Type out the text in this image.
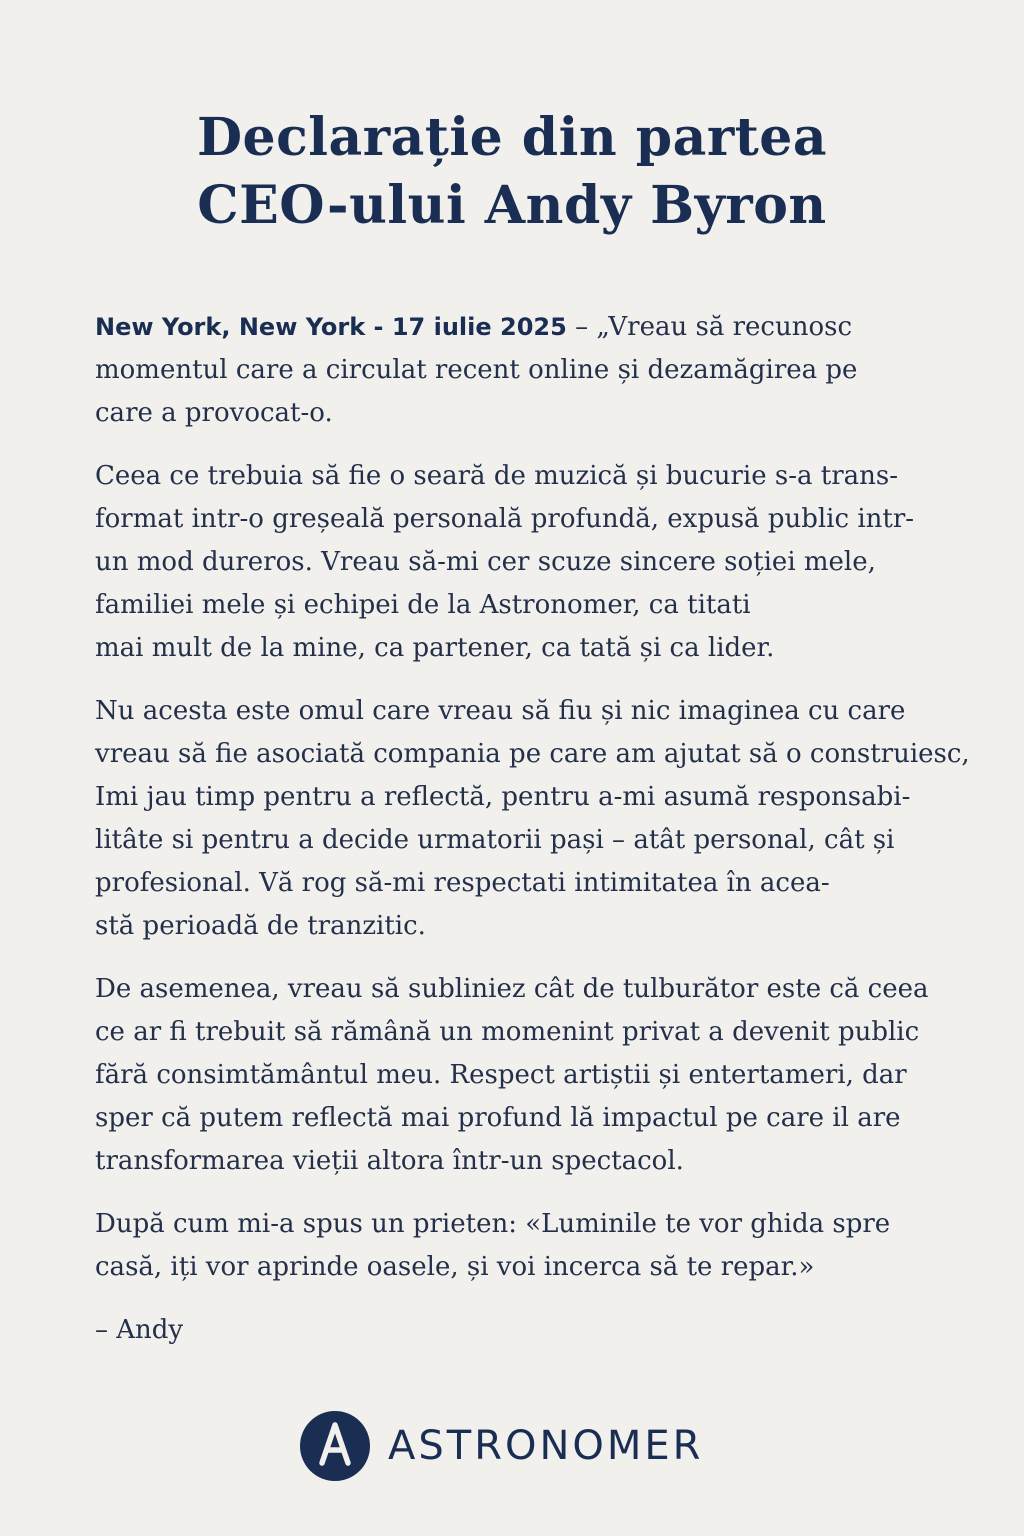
Declarație din partea
CEO-ului Andy Byron

New York, New York - 17 iulie 2025 – „Vreau să recunosc
momentul care a circulat recent online și dezamăgirea pe
care a provocat-o.

Ceea ce trebuia să fie o seară de muzică și bucurie s-a trans-
format intr-o greșeală personală profundă, expusă public intr-
un mod dureros. Vreau să-mi cer scuze sincere soției mele,
familiei mele și echipei de la Astronomer, ca titati
mai mult de la mine, ca partener, ca tată și ca lider.

Nu acesta este omul care vreau să fiu și nic imaginea cu care
vreau să fie asociată compania pe care am ajutat să o construiesc,
Imi jau timp pentru a reflectă, pentru a-mi asumă responsabi-
litâte si pentru a decide urmatorii pași – atât personal, cât și
profesional. Vă rog să-mi respectati intimitatea în acea-
stă perioadă de tranzitic.

De asemenea, vreau să subliniez cât de tulburător este că ceea
ce ar fi trebuit să rămână un momenint privat a devenit public
fără consimtământul meu. Respect artiștii și entertameri, dar
sper că putem reflectă mai profund lă impactul pe care il are
transformarea vieții altora într-un spectacol.

După cum mi-a spus un prieten: «Luminile te vor ghida spre
casă, iți vor aprinde oasele, și voi incerca să te repar.»

– Andy

ASTRONOMER
